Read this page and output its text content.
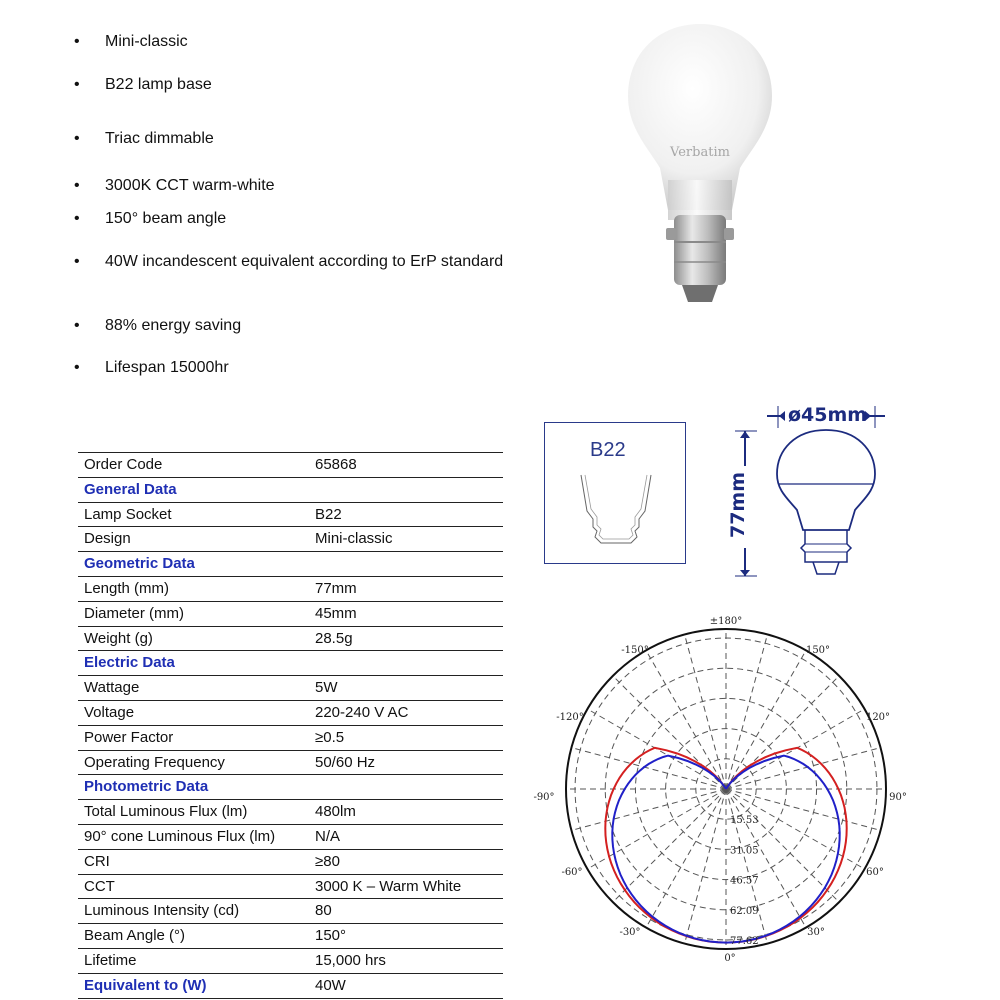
•	Mini-classic
•	B22 lamp base
•	Triac dimmable
•	3000K CCT warm-white
•	150° beam angle
•	40W incandescent equivalent according to ErP standard
•	88% energy saving
•	Lifespan 15000hr
Verbatim
B22
ø45mm
77mm
Order Code	65868
General Data
Lamp Socket	B22
Design	Mini-classic
Geometric Data
Length (mm)	77mm
Diameter (mm)	45mm
Weight (g)	28.5g
Electric Data
Wattage	5W
Voltage	220-240 V AC
Power Factor	≥0.5
Operating Frequency	50/60 Hz
Photometric Data
Total Luminous Flux (lm)	480lm
90° cone Luminous Flux (lm)	N/A
CRI	≥80
CCT	3000 K – Warm White
Luminous Intensity (cd)	80
Beam Angle (°)	150°
Lifetime	15,000 hrs
Equivalent to (W)	40W
±180°
-150°	150°
-120°	120°
-90°	90°
-60°	60°
-30°	30°
0°
15.53
31.05
46.57
62.09
77.62
